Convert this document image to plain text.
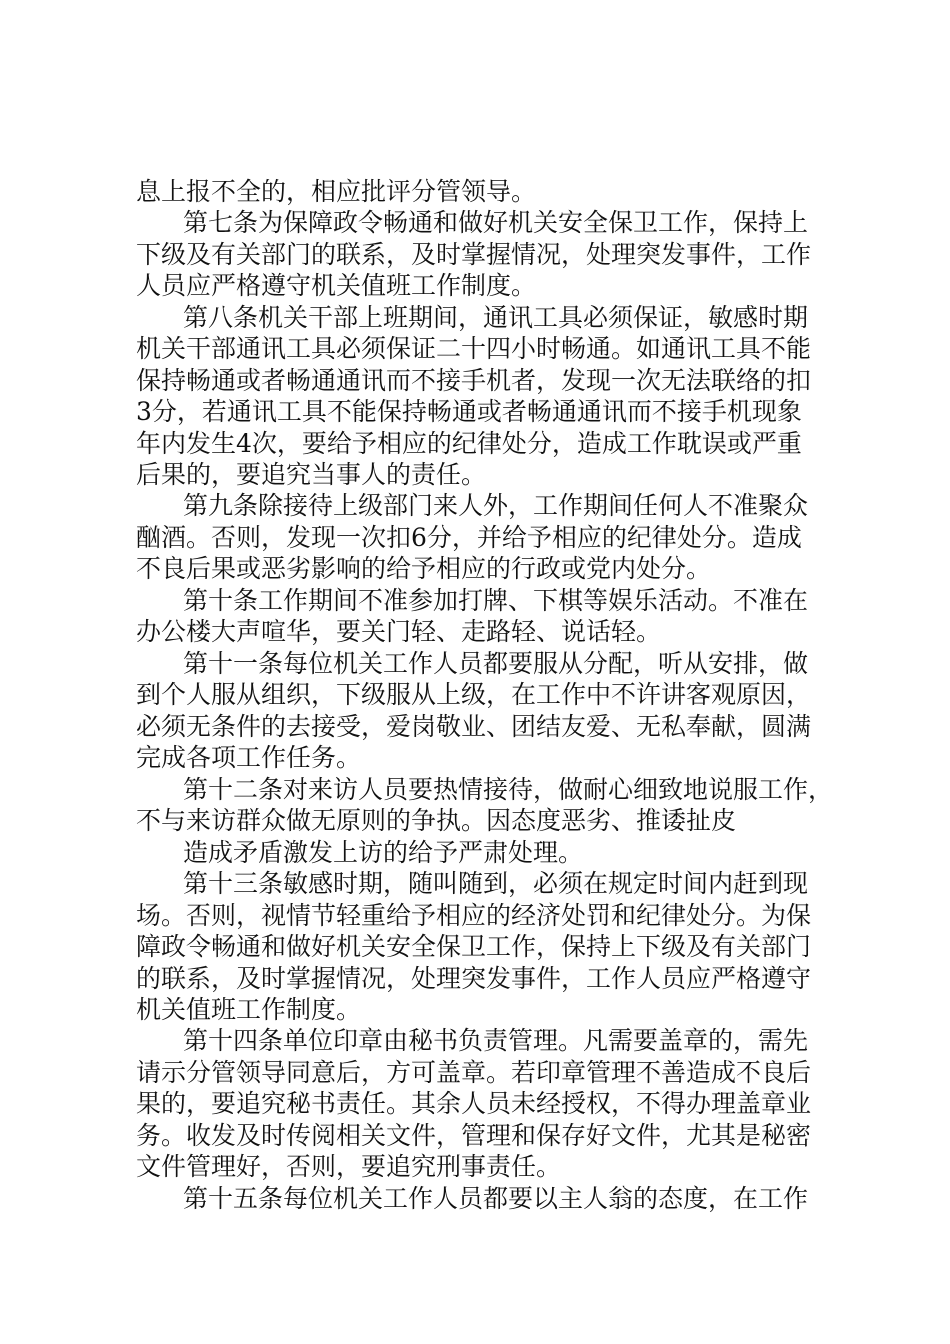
息上报不全的，相应批评分管领导。
第七条为保障政令畅通和做好机关安全保卫工作，保持上
下级及有关部门的联系，及时掌握情况，处理突发事件，工作
人员应严格遵守机关值班工作制度。
第八条机关干部上班期间，通讯工具必须保证，敏感时期
机关干部通讯工具必须保证二十四小时畅通。如通讯工具不能
保持畅通或者畅通通讯而不接手机者，发现一次无法联络的扣
3分，若通讯工具不能保持畅通或者畅通通讯而不接手机现象
年内发生4次，要给予相应的纪律处分，造成工作耽误或严重
后果的，要追究当事人的责任。
第九条除接待上级部门来人外，工作期间任何人不准聚众
酗酒。否则，发现一次扣6分，并给予相应的纪律处分。造成
不良后果或恶劣影响的给予相应的行政或党内处分。
第十条工作期间不准参加打牌、下棋等娱乐活动。不准在
办公楼大声喧华，要关门轻、走路轻、说话轻。
第十一条每位机关工作人员都要服从分配，听从安排，做
到个人服从组织，下级服从上级，在工作中不许讲客观原因，
必须无条件的去接受，爱岗敬业、团结友爱、无私奉献，圆满
完成各项工作任务。
第十二条对来访人员要热情接待，做耐心细致地说服工作，
不与来访群众做无原则的争执。因态度恶劣、推诿扯皮
造成矛盾激发上访的给予严肃处理。
第十三条敏感时期，随叫随到，必须在规定时间内赶到现
场。否则，视情节轻重给予相应的经济处罚和纪律处分。为保
障政令畅通和做好机关安全保卫工作，保持上下级及有关部门
的联系，及时掌握情况，处理突发事件，工作人员应严格遵守
机关值班工作制度。
第十四条单位印章由秘书负责管理。凡需要盖章的，需先
请示分管领导同意后，方可盖章。若印章管理不善造成不良后
果的，要追究秘书责任。其余人员未经授权，不得办理盖章业
务。收发及时传阅相关文件，管理和保存好文件，尤其是秘密
文件管理好，否则，要追究刑事责任。
第十五条每位机关工作人员都要以主人翁的态度，在工作
